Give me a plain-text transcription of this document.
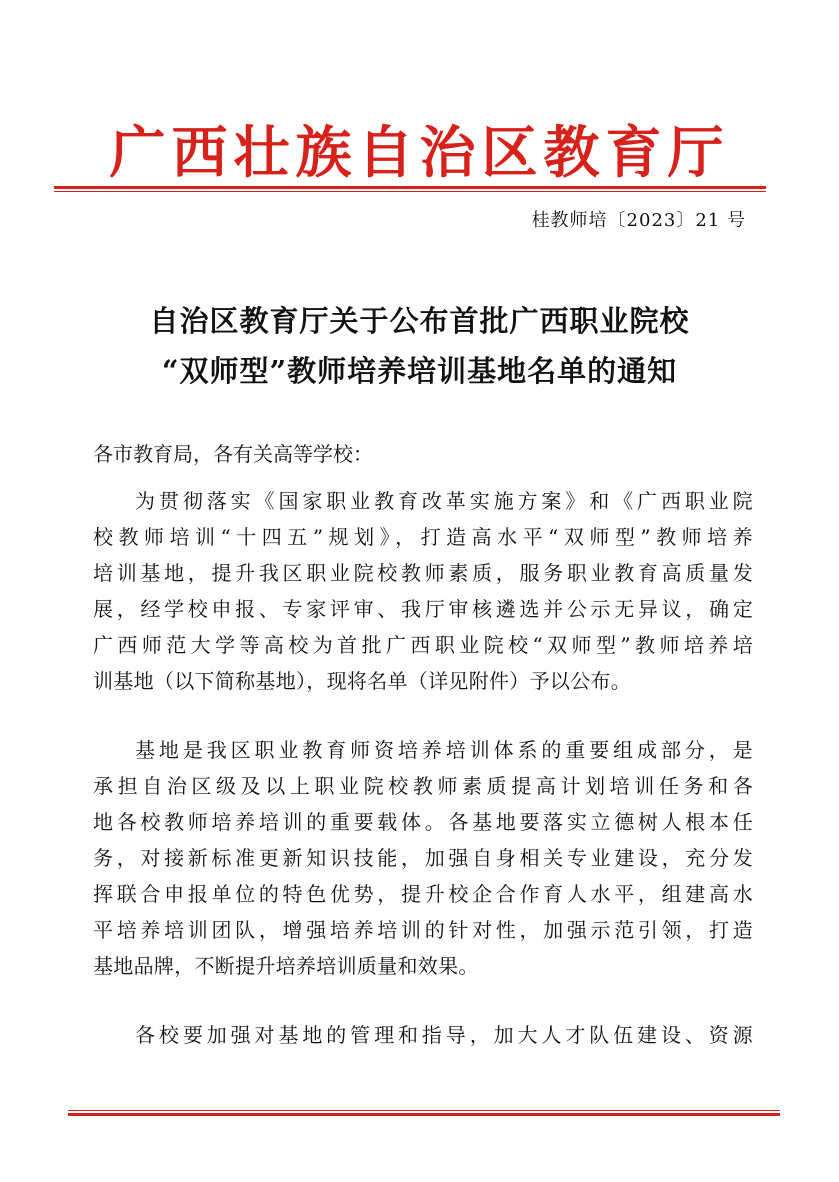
广西壮族自治区教育厅
桂教师培〔2023〕21 号
自治区教育厅关于公布首批广西职业院校
“双师型”教师培养培训基地名单的通知
各市教育局，各有关高等学校：
为贯彻落实《国家职业教育改革实施方案》和《广西职业院
校教师培训“十四五”规划》，打造高水平“双师型”教师培养
培训基地，提升我区职业院校教师素质，服务职业教育高质量发
展，经学校申报、专家评审、我厅审核遴选并公示无异议，确定
广西师范大学等高校为首批广西职业院校“双师型”教师培养培
训基地（以下简称基地），现将名单（详见附件）予以公布。
基地是我区职业教育师资培养培训体系的重要组成部分，是
承担自治区级及以上职业院校教师素质提高计划培训任务和各
地各校教师培养培训的重要载体。各基地要落实立德树人根本任
务，对接新标准更新知识技能，加强自身相关专业建设，充分发
挥联合申报单位的特色优势，提升校企合作育人水平，组建高水
平培养培训团队，增强培养培训的针对性，加强示范引领，打造
基地品牌，不断提升培养培训质量和效果。
各校要加强对基地的管理和指导，加大人才队伍建设、资源
